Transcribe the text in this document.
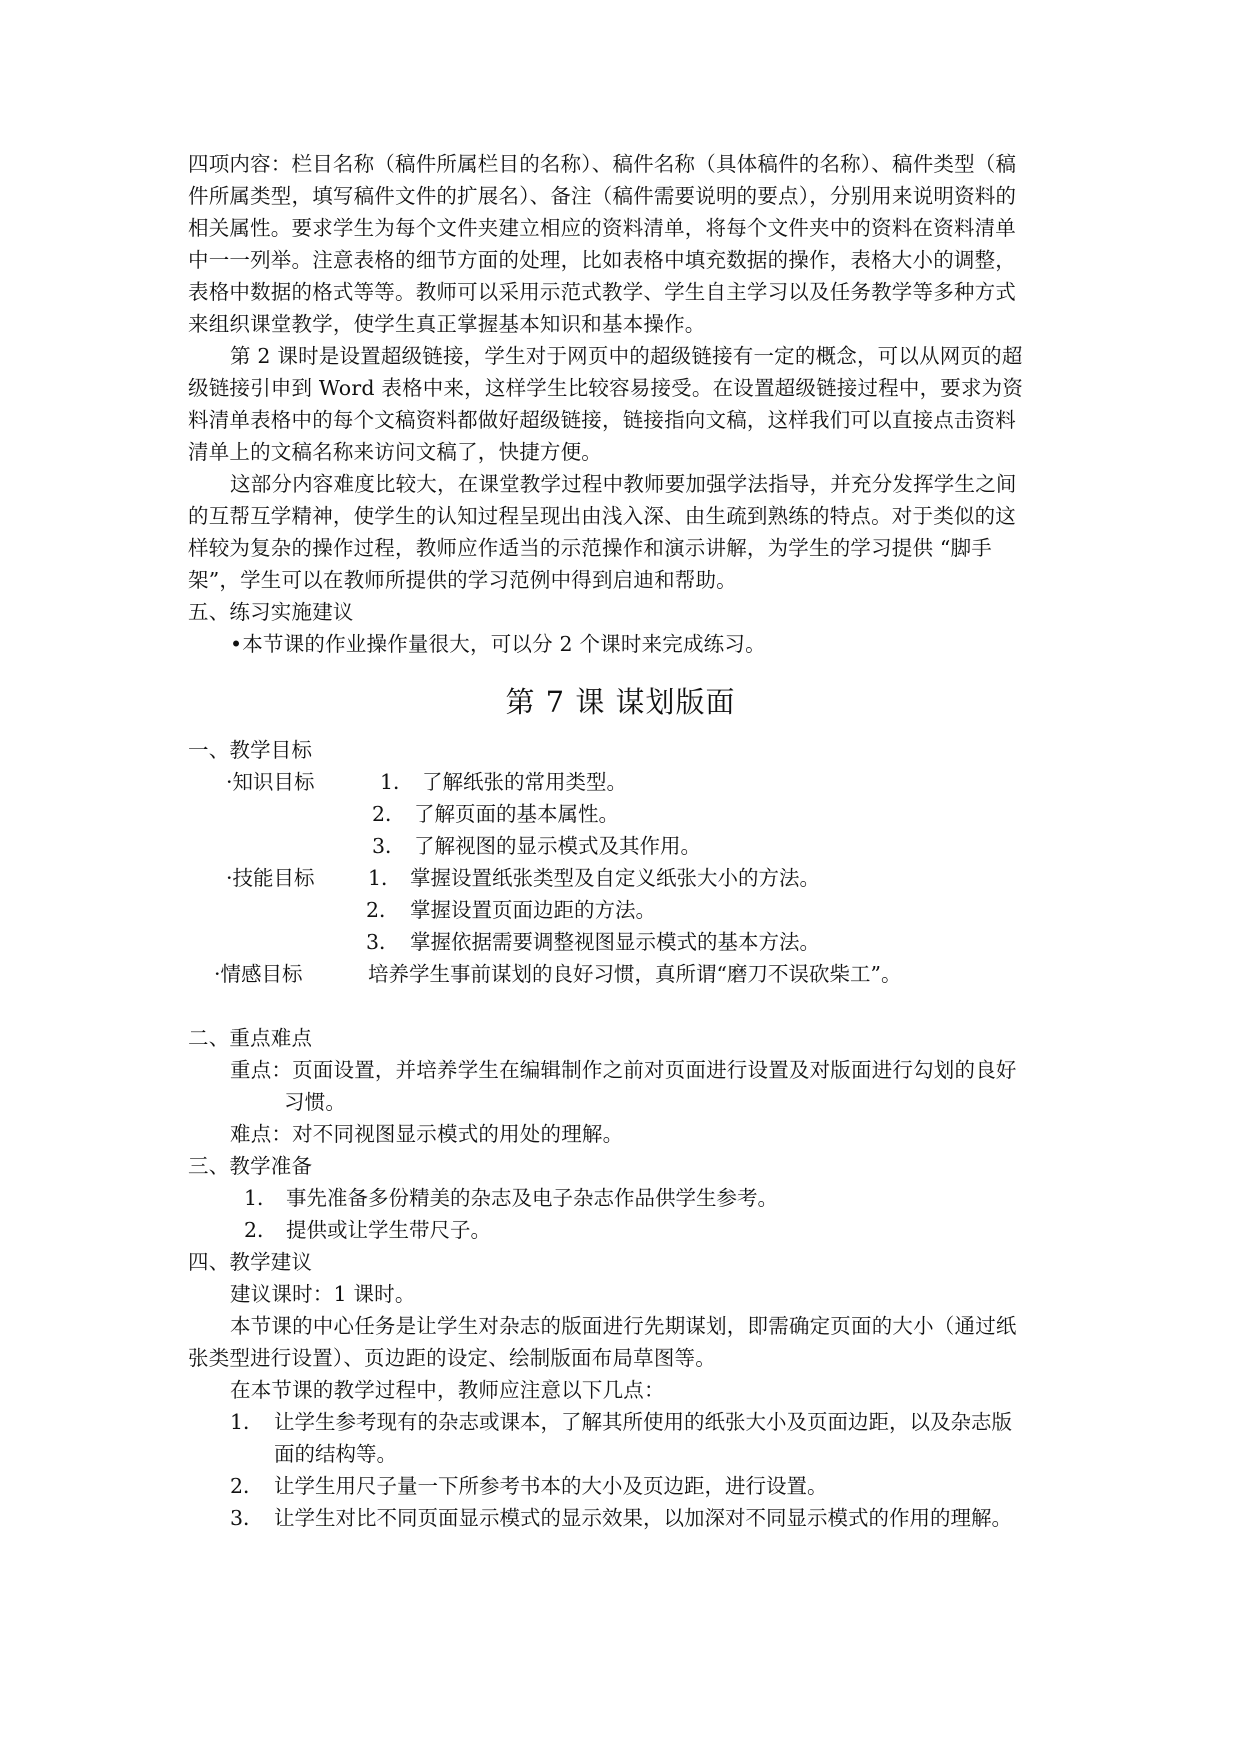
四项内容：栏目名称（稿件所属栏目的名称）、稿件名称（具体稿件的名称）、稿件类型（稿
件所属类型，填写稿件文件的扩展名）、备注（稿件需要说明的要点），分别用来说明资料的
相关属性。要求学生为每个文件夹建立相应的资料清单，将每个文件夹中的资料在资料清单
中一一列举。注意表格的细节方面的处理，比如表格中填充数据的操作，表格大小的调整，
表格中数据的格式等等。教师可以采用示范式教学、学生自主学习以及任务教学等多种方式
来组织课堂教学，使学生真正掌握基本知识和基本操作。
第 2 课时是设置超级链接，学生对于网页中的超级链接有一定的概念，可以从网页的超
级链接引申到 Word 表格中来，这样学生比较容易接受。在设置超级链接过程中，要求为资
料清单表格中的每个文稿资料都做好超级链接，链接指向文稿，这样我们可以直接点击资料
清单上的文稿名称来访问文稿了，快捷方便。
这部分内容难度比较大，在课堂教学过程中教师要加强学法指导，并充分发挥学生之间
的互帮互学精神，使学生的认知过程呈现出由浅入深、由生疏到熟练的特点。对于类似的这
样较为复杂的操作过程，教师应作适当的示范操作和演示讲解，为学生的学习提供 “脚手
架”，学生可以在教师所提供的学习范例中得到启迪和帮助。
五、练习实施建议
•本节课的作业操作量很大，可以分 2 个课时来完成练习。
第 7 课 谋划版面
一、教学目标
·知识目标	1． 了解纸张的常用类型。
2． 了解页面的基本属性。
3． 了解视图的显示模式及其作用。
·技能目标	1． 掌握设置纸张类型及自定义纸张大小的方法。
2． 掌握设置页面边距的方法。
3． 掌握依据需要调整视图显示模式的基本方法。
·情感目标	培养学生事前谋划的良好习惯，真所谓“磨刀不误砍柴工”。
二、重点难点
重点：页面设置，并培养学生在编辑制作之前对页面进行设置及对版面进行勾划的良好
习惯。
难点：对不同视图显示模式的用处的理解。
三、教学准备
1． 事先准备多份精美的杂志及电子杂志作品供学生参考。
2． 提供或让学生带尺子。
四、教学建议
建议课时：1 课时。
本节课的中心任务是让学生对杂志的版面进行先期谋划，即需确定页面的大小（通过纸
张类型进行设置）、页边距的设定、绘制版面布局草图等。
在本节课的教学过程中，教师应注意以下几点：
1． 让学生参考现有的杂志或课本，了解其所使用的纸张大小及页面边距，以及杂志版
面的结构等。
2． 让学生用尺子量一下所参考书本的大小及页边距，进行设置。
3． 让学生对比不同页面显示模式的显示效果，以加深对不同显示模式的作用的理解。
